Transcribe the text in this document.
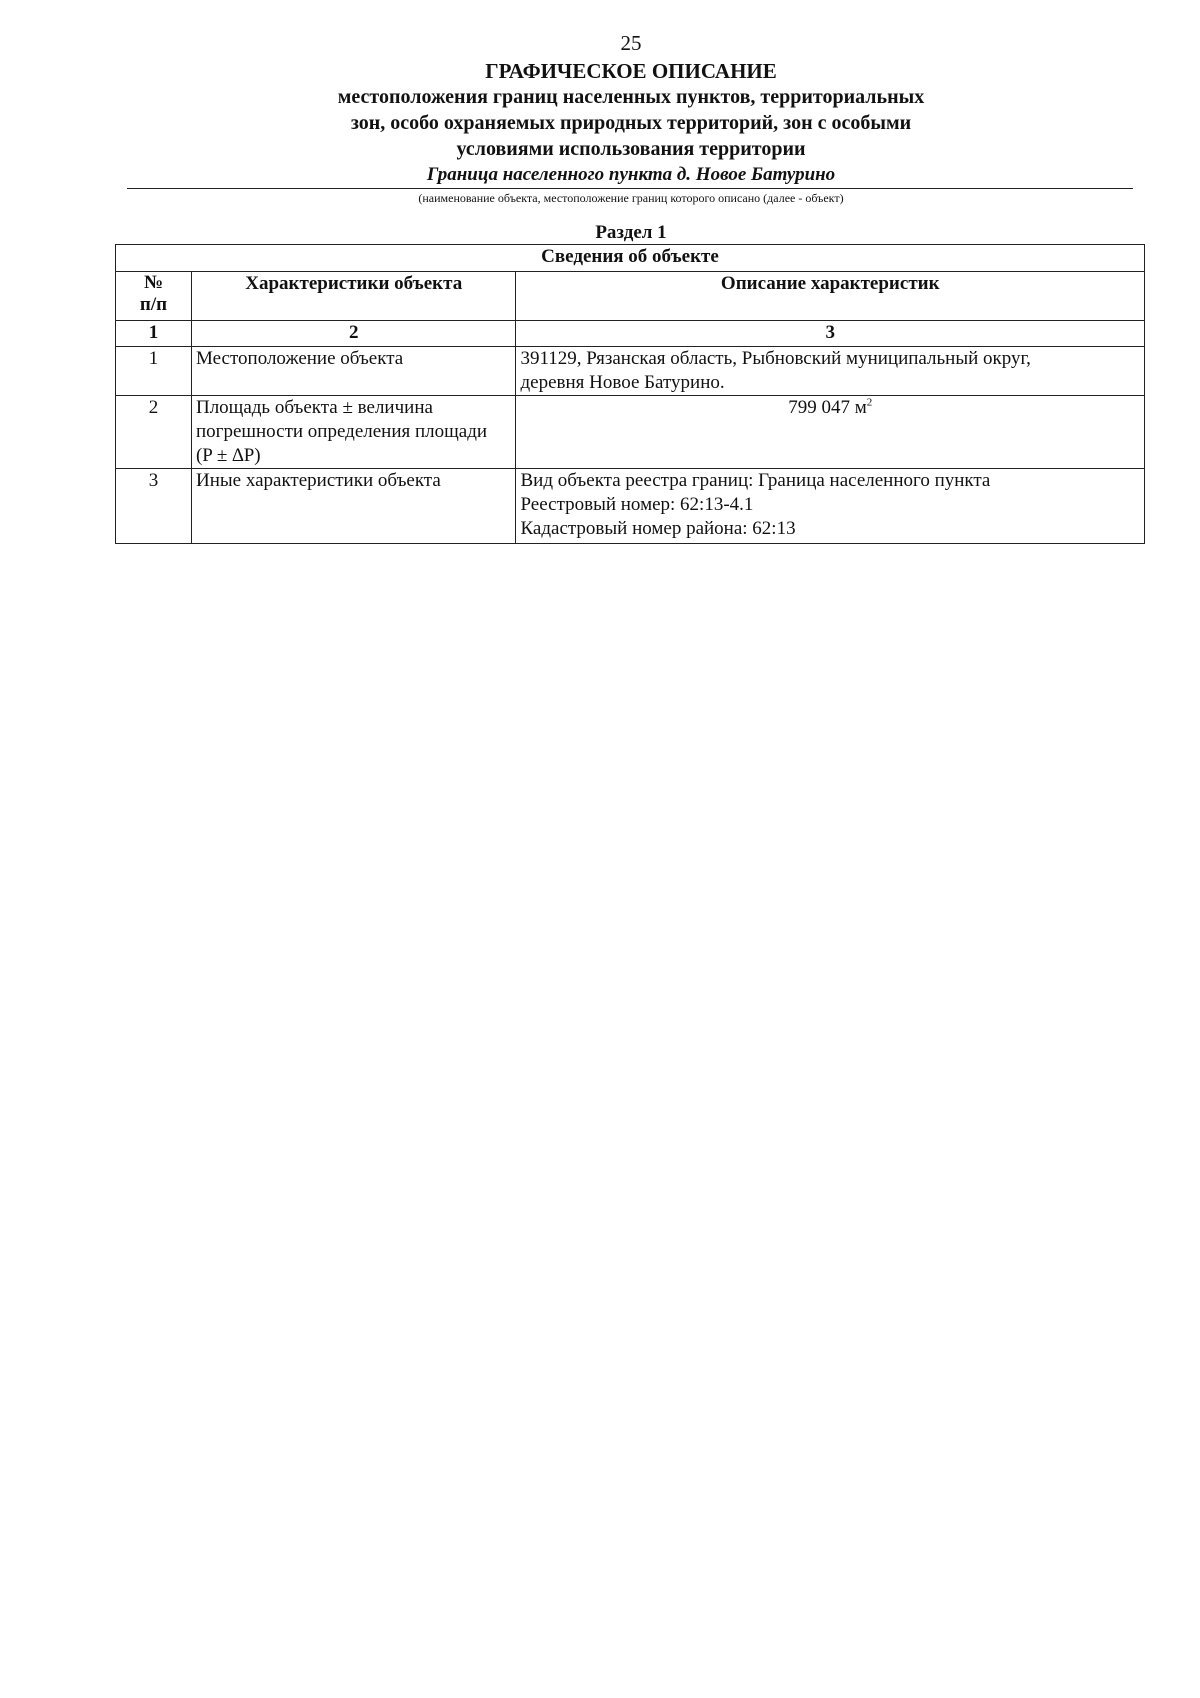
25
ГРАФИЧЕСКОЕ ОПИСАНИЕ
местоположения границ населенных пунктов, территориальных
зон, особо охраняемых природных территорий, зон с особыми
условиями использования территории
Граница населенного пункта д. Новое Батурино
(наименование объекта, местоположение границ которого описано (далее - объект)
Раздел 1
Сведения об объекте		

№
п/п	Характеристики объекта	Описание характеристик
1	2	3
1	Местоположение объекта	391129, Рязанская область, Рыбновский муниципальный округ,
деревня Новое Батурино.

2	Площадь объекта ± величина
погрешности определения площади
(P ± ∆P)	799 047 $м^2$
3	Иные характеристики объекта	Вид объекта реестра границ: Граница населенного пункта
Реестровый номер: 62:13-4.1
Кадастровый номер района: 62:13
